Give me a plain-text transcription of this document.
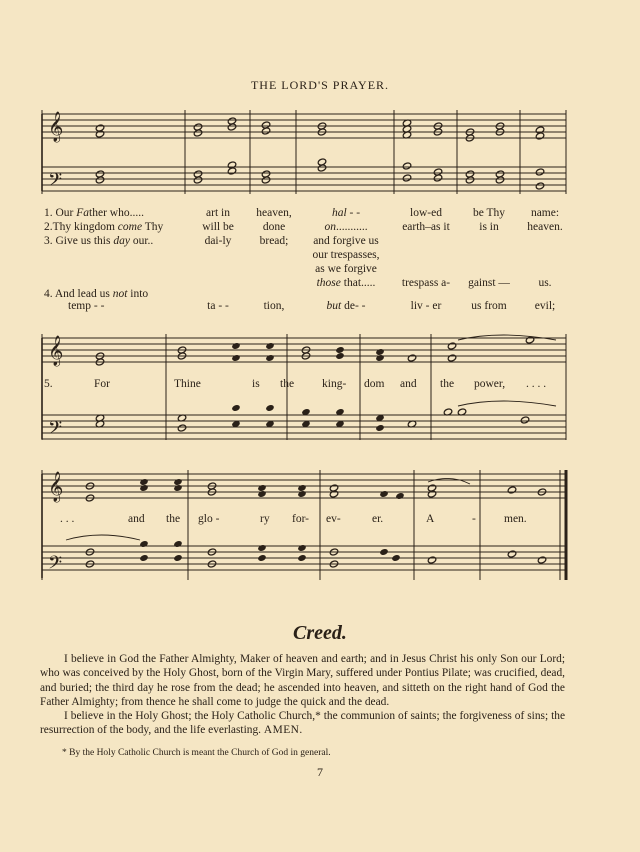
THE LORD'S PRAYER.
𝄞
𝄢
𝄞
𝄢
𝄞
𝄢
1. Our Father who.....	art in	heaven,	hal - -	low-ed	be Thy	name:
2.Thy kingdom come Thy	will be	done	on...........	earth–as it	is in	heaven.
3. Give us this day our..	dai-ly	bread;	and forgive us
our trespasses,
as we forgive
those that.....	trespass a-	gainst —	us.
4. And lead us not into
temp - -	ta - -	tion,	but de- -	liv - er	us from	evil;
5.	For	Thine	is the king- dom and the power, . . . .
. . .	and the glo -	ry for- ev-	er.	A	- men.
Creed.

I believe in God the Father Almighty, Maker of heaven and earth; and in Jesus Christ his only Son our Lord; who was conceived by the Holy Ghost, born of the Virgin Mary, suffered under Pontius Pilate; was crucified, dead, and buried; the third day he rose from the dead; he ascended into heaven, and sitteth on the right hand of God the Father Almighty; from thence he shall come to judge the quick and the dead.

I believe in the Holy Ghost; the Holy Catholic Church,* the communion of saints; the forgiveness of sins; the resurrection of the body, and the life everlasting. AMEN.

* By the Holy Catholic Church is meant the Church of God in general.
7
